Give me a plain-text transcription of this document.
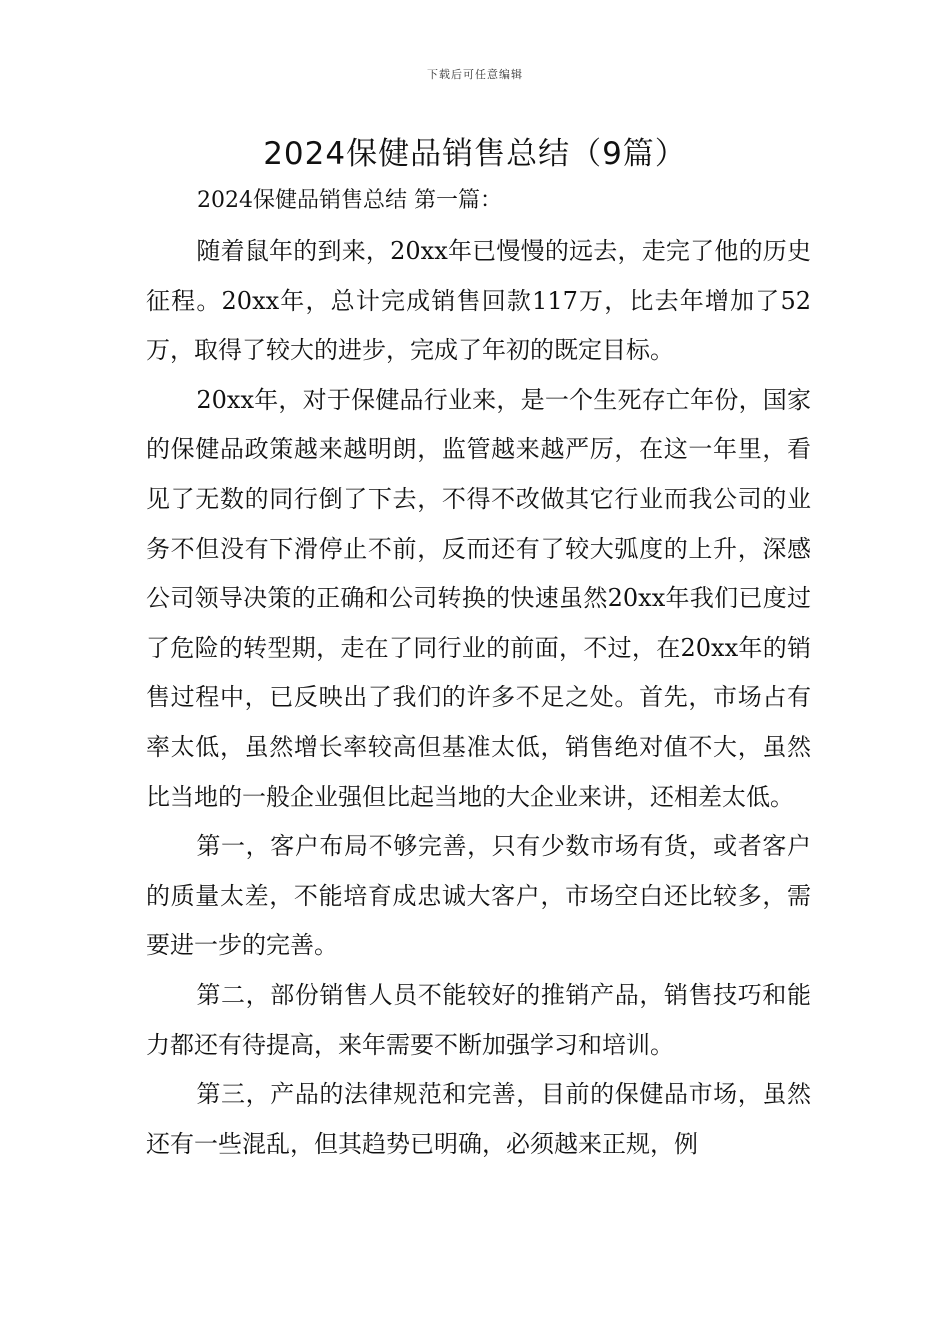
下载后可任意编辑
2024保健品销售总结（9篇）
2024保健品销售总结 第一篇：

随着鼠年的到来，20xx年已慢慢的远去，走完了他的历史征程。20xx年，总计完成销售回款117万，比去年增加了52万，取得了较大的进步，完成了年初的既定目标。

20xx年，对于保健品行业来，是一个生死存亡年份，国家的保健品政策越来越明朗，监管越来越严厉，在这一年里，看见了无数的同行倒了下去，不得不改做其它行业而我公司的业务不但没有下滑停止不前，反而还有了较大弧度的上升，深感公司领导决策的正确和公司转换的快速虽然20xx年我们已度过了危险的转型期，走在了同行业的前面，不过，在20xx年的销售过程中，已反映出了我们的许多不足之处。首先，市场占有率太低，虽然增长率较高但基准太低，销售绝对值不大，虽然比当地的一般企业强但比起当地的大企业来讲，还相差太低。

第一，客户布局不够完善，只有少数市场有货，或者客户的质量太差，不能培育成忠诚大客户，市场空白还比较多，需要进一步的完善。

第二，部份销售人员不能较好的推销产品，销售技巧和能力都还有待提高，来年需要不断加强学习和培训。

第三，产品的法律规范和完善，目前的保健品市场，虽然还有一些混乱，但其趋势已明确，必须越来正规，例
